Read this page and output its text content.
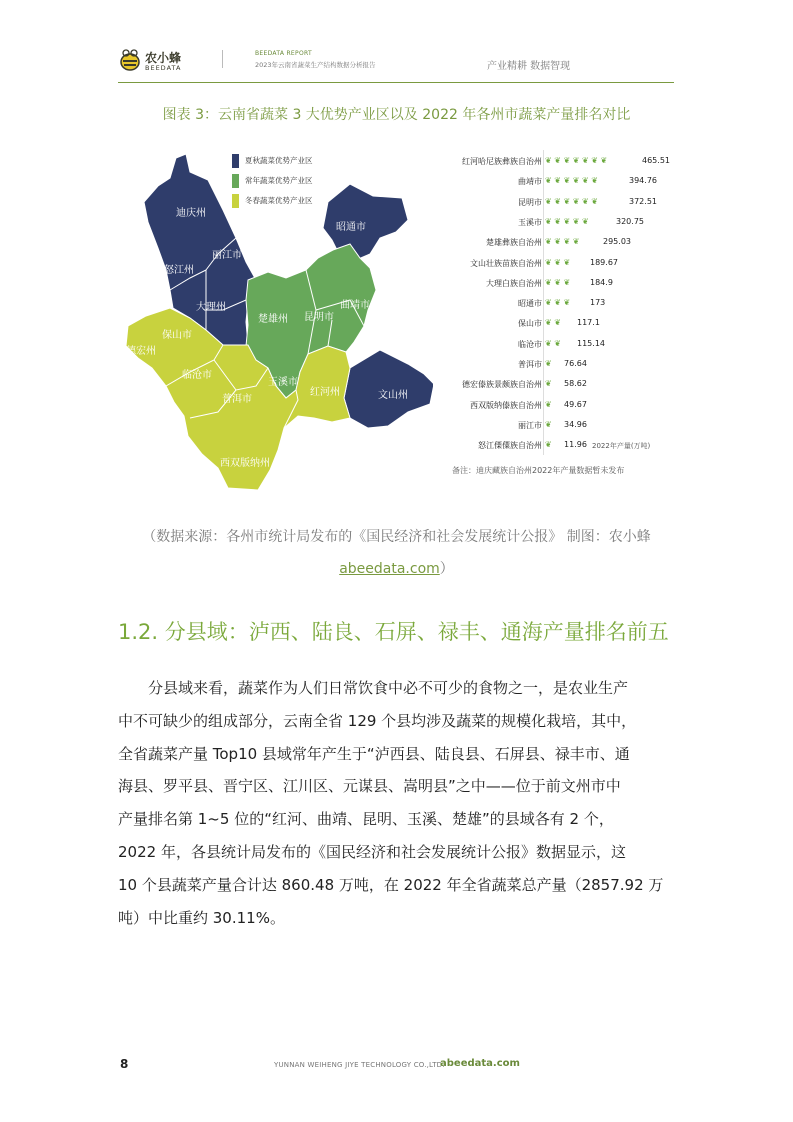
农小蜂
BEEDATA
BEEDATA REPORT
2023年云南省蔬菜生产结构数据分析报告	产业精耕 数据智现
图表 3：云南省蔬菜 3 大优势产业区以及 2022 年各州市蔬菜产量排名对比
迪庆州
昭通市
丽江市
怒江州
曲靖市
大理州
楚雄州 昆明市
保山市
德宏州
临沧市
玉溪市
红河州	文山州
普洱市
西双版纳州
夏秋蔬菜优势产业区
常年蔬菜优势产业区
冬春蔬菜优势产业区
红河哈尼族彝族自治州 ❦ ❦ ❦ ❦ ❦ ❦ ❦	465.51
曲靖市 ❦ ❦ ❦ ❦ ❦ ❦	394.76
昆明市 ❦ ❦ ❦ ❦ ❦ ❦	372.51
玉溪市 ❦ ❦ ❦ ❦ ❦	320.75
楚雄彝族自治州 ❦ ❦ ❦ ❦	295.03
文山壮族苗族自治州 ❦ ❦ ❦ 189.67
大理白族自治州 ❦ ❦ ❦ 184.9
昭通市 ❦ ❦ ❦ 173
保山市 ❦ ❦ 117.1
临沧市 ❦ ❦ 115.14
普洱市 ❦ 76.64
德宏傣族景颇族自治州 ❦ 58.62
西双版纳傣族自治州 ❦ 49.67
丽江市 ❦ 34.96
怒江傈僳族自治州 ❦ 11.96 2022年产量(万吨)
备注：迪庆藏族自治州2022年产量数据暂未发布
（数据来源：各州市统计局发布的《国民经济和社会发展统计公报》 制图：农小蜂
abeedata.com）
1.2. 分县域：泸西、陆良、石屏、禄丰、通海产量排名前五
分县域来看，蔬菜作为人们日常饮食中必不可少的食物之一，是农业生产
中不可缺少的组成部分，云南全省 129 个县均涉及蔬菜的规模化栽培，其中，
全省蔬菜产量 Top10 县域常年产生于“泸西县、陆良县、石屏县、禄丰市、通
海县、罗平县、晋宁区、江川区、元谋县、嵩明县”之中——位于前文州市中
产量排名第 1~5 位的“红河、曲靖、昆明、玉溪、楚雄”的县域各有 2 个，
2022 年，各县统计局发布的《国民经济和社会发展统计公报》数据显示，这
10 个县蔬菜产量合计达 860.48 万吨，在 2022 年全省蔬菜总产量（2857.92 万
吨）中比重约 30.11%。
8	YUNNAN WEIHENG JIYE TECHNOLOGY CO.,LTD.
abeedata.com
